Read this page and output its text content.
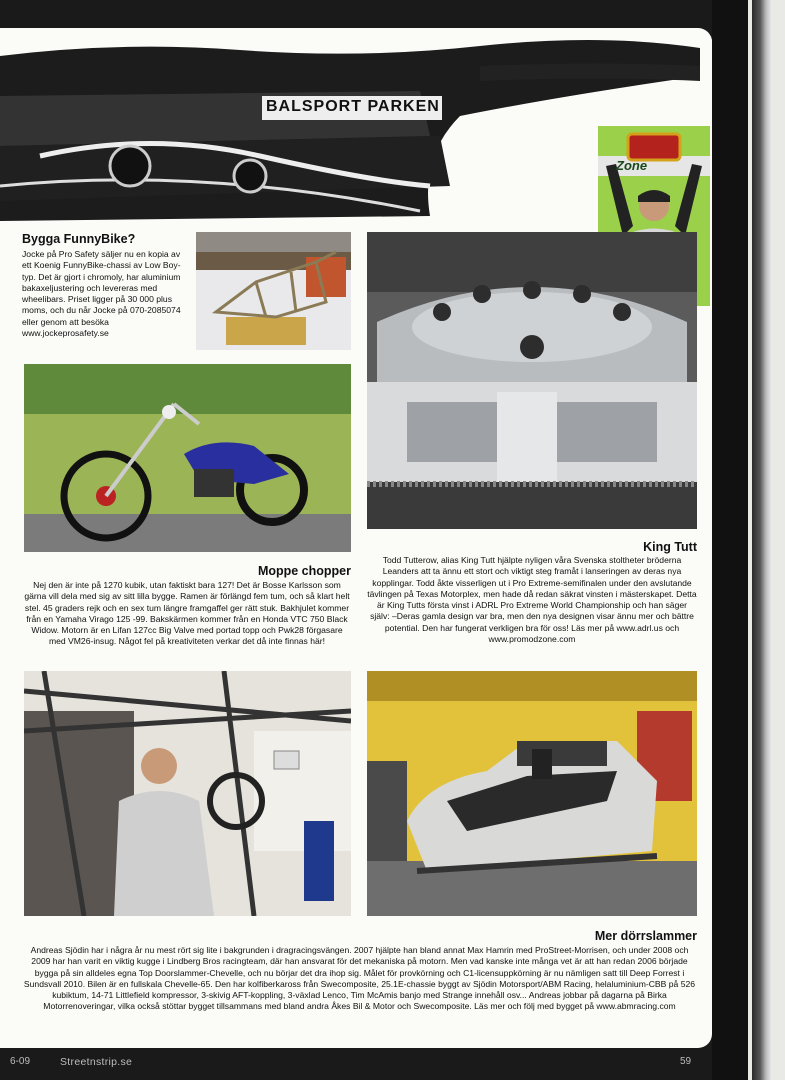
BALSPORT PARKEN
Zone
Bygga FunnyBike?
Jocke på Pro Safety säljer nu en kopia av ett Koenig FunnyBike-chassi av Low Boy-typ. Det är gjort i chromoly, har aluminium bakaxeljustering och levereras med wheelibars. Priset ligger på 30 000 plus moms, och du når Jocke på 070-2085074 eller genom att besöka www.jockeprosafety.se
King Tutt
Todd Tutterow, alias King Tutt hjälpte nyligen våra Svenska stoltheter bröderna Leanders att ta ännu ett stort och viktigt steg framåt i lanseringen av deras nya kopplingar. Todd åkte visserligen ut i Pro Extreme-semifinalen under den avslutande tävlingen på Texas Motorplex, men hade då redan säkrat vinsten i mästerskapet. Detta är King Tutts första vinst i ADRL Pro Extreme World Championship och han säger själv: –Deras gamla design var bra, men den nya designen visar ännu mer och bättre potential. Den har fungerat verkligen bra för oss! Läs mer på www.adrl.us och www.promodzone.com
Moppe chopper
Nej den är inte på 1270 kubik, utan faktiskt bara 127! Det är Bosse Karlsson som gärna vill dela med sig av sitt lilla bygge. Ramen är förlängd fem tum, och så klart helt stel. 45 graders rejk och en sex tum längre framgaffel ger rätt stuk. Bakhjulet kommer från en Yamaha Virago 125 -99. Bakskärmen kommer från en Honda VTC 750 Black Widow. Motorn är en Lifan 127cc Big Valve med portad topp och Pwk28 förgasare med VM26-insug. Något fel på kreativiteten verkar det då inte finnas här!
Mer dörrslammer
Andreas Sjödin har i några år nu mest rört sig lite i bakgrunden i dragracingsvängen. 2007 hjälpte han bland annat Max Hamrin med ProStreet-Morrisen, och under 2008 och 2009 har han varit en viktig kugge i Lindberg Bros racingteam, där han ansvarat för det mekaniska på motorn. Men vad kanske inte många vet är att han redan 2006 började bygga på sin alldeles egna Top Doorslammer-Chevelle, och nu börjar det dra ihop sig. Målet för provkörning och C1-licensuppkörning är nu nämligen satt till Deep Forrest i Sundsvall 2010. Bilen är en fullskala Chevelle-65. Den har kolfiberkaross från Swecomposite, 25.1E-chassie byggt av Sjödin Motorsport/ABM Racing, helaluminium-CBB på 526 kubiktum, 14-71 Littlefield kompressor, 3-skivig AFT-koppling, 3-växlad Lenco, Tim McAmis banjo med Strange innehåll osv... Andreas jobbar på dagarna på Birka Motorrenoveringar, vilka också stöttar bygget tillsammans med bland andra Åkes Bil & Motor och Swecomposite. Läs mer och följ med bygget på www.abmracing.com
6-09	Streetnstrip.se	59
